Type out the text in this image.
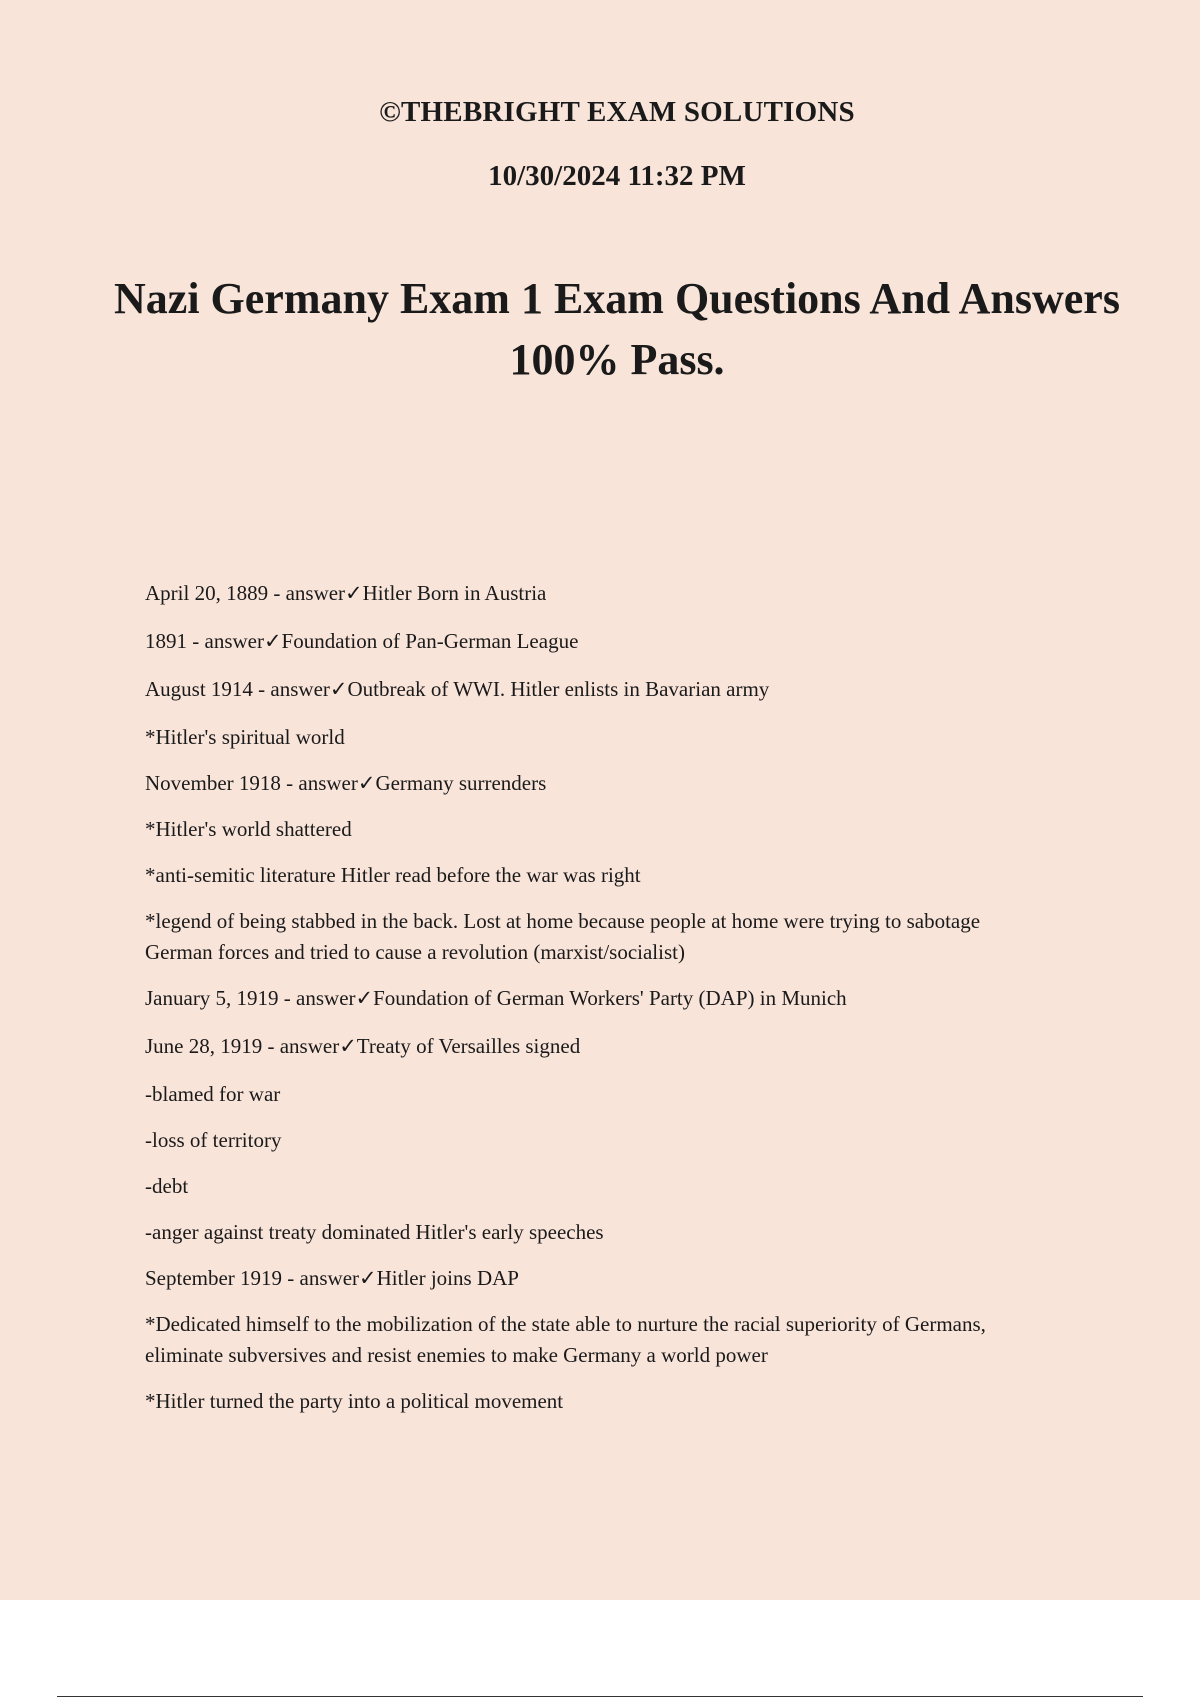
©THEBRIGHT EXAM SOLUTIONS
10/30/2024 11:32 PM
Nazi Germany Exam 1 Exam Questions And Answers 100% Pass.
April 20, 1889 - answer✓Hitler Born in Austria
1891 - answer✓Foundation of Pan-German League
August 1914 - answer✓Outbreak of WWI. Hitler enlists in Bavarian army
*Hitler's spiritual world
November 1918 - answer✓Germany surrenders
*Hitler's world shattered
*anti-semitic literature Hitler read before the war was right
*legend of being stabbed in the back. Lost at home because people at home were trying to sabotage German forces and tried to cause a revolution (marxist/socialist)
January 5, 1919 - answer✓Foundation of German Workers' Party (DAP) in Munich
June 28, 1919 - answer✓Treaty of Versailles signed
-blamed for war
-loss of territory
-debt
-anger against treaty dominated Hitler's early speeches
September 1919 - answer✓Hitler joins DAP
*Dedicated himself to the mobilization of the state able to nurture the racial superiority of Germans, eliminate subversives and resist enemies to make Germany a world power
*Hitler turned the party into a political movement
